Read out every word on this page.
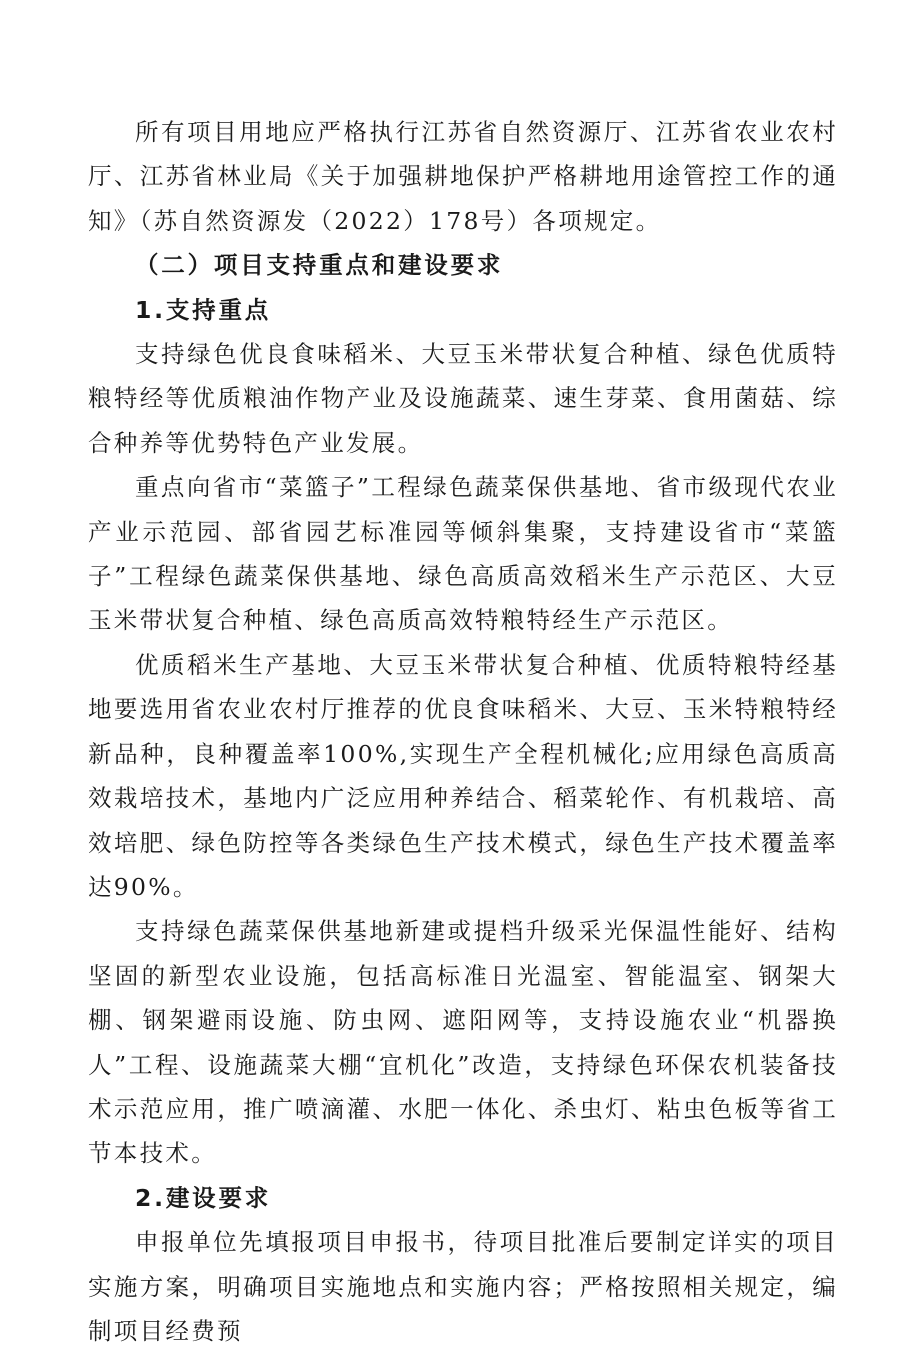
所有项目用地应严格执行江苏省自然资源厅、江苏省农业农村厅、江苏省林业局《关于加强耕地保护严格耕地用途管控工作的通知》（苏自然资源发（2022）178号）各项规定。

（二）项目支持重点和建设要求

1.支持重点

支持绿色优良食味稻米、大豆玉米带状复合种植、绿色优质特粮特经等优质粮油作物产业及设施蔬菜、速生芽菜、食用菌菇、综合种养等优势特色产业发展。

重点向省市“菜篮子”工程绿色蔬菜保供基地、省市级现代农业产业示范园、部省园艺标准园等倾斜集聚，支持建设省市“菜篮子”工程绿色蔬菜保供基地、绿色高质高效稻米生产示范区、大豆玉米带状复合种植、绿色高质高效特粮特经生产示范区。

优质稻米生产基地、大豆玉米带状复合种植、优质特粮特经基地要选用省农业农村厅推荐的优良食味稻米、大豆、玉米特粮特经新品种，良种覆盖率100%,实现生产全程机械化;应用绿色高质高效栽培技术，基地内广泛应用种养结合、稻菜轮作、有机栽培、高效培肥、绿色防控等各类绿色生产技术模式，绿色生产技术覆盖率达90%。

支持绿色蔬菜保供基地新建或提档升级采光保温性能好、结构坚固的新型农业设施，包括高标准日光温室、智能温室、钢架大棚、钢架避雨设施、防虫网、遮阳网等，支持设施农业“机器换人”工程、设施蔬菜大棚“宜机化”改造，支持绿色环保农机装备技术示范应用，推广喷滴灌、水肥一体化、杀虫灯、粘虫色板等省工节本技术。

2.建设要求

申报单位先填报项目申报书，待项目批准后要制定详实的项目实施方案，明确项目实施地点和实施内容；严格按照相关规定，编制项目经费预
